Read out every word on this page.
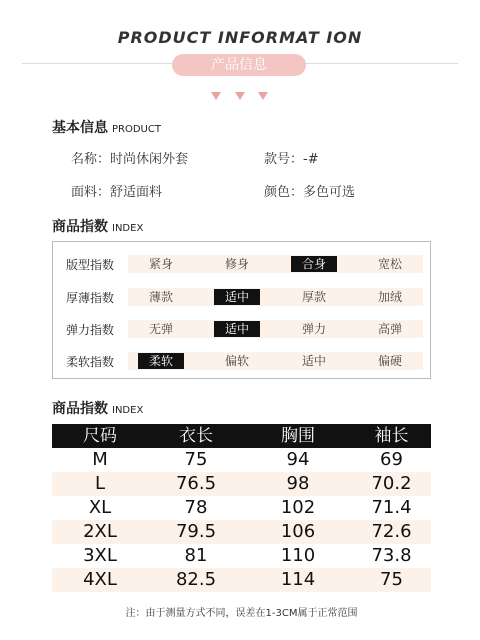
PRODUCT INFORMAT ION
产品信息
基本信息 PRODUCT
名称：时尚休闲外套	款号：-#
面料：舒适面料	颜色：多色可选
商品指数 INDEX
版型指数	紧身	修身	合身	宽松
厚薄指数	薄款	适中	厚款	加绒
弹力指数	无弹	适中	弹力	高弹
柔软指数	柔软	偏软	适中	偏硬
商品指数 INDEX
尺码	衣长	胸围	袖长
M	75	94	69
L	76.5	98	70.2
XL	78	102	71.4
2XL	79.5	106	72.6
3XL	81	110	73.8
4XL	82.5	114	75
注：由于测量方式不同，误差在1-3CM属于正常范围
